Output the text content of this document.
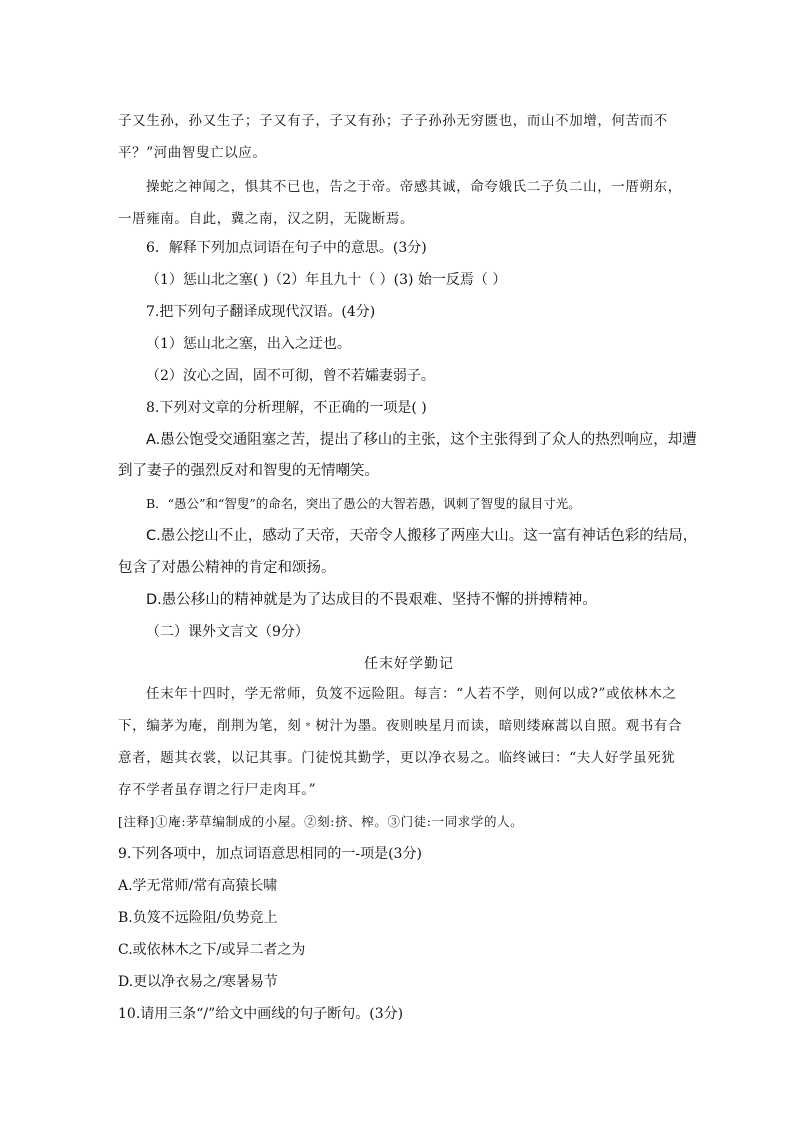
子又生孙，孙又生子；子又有子，子又有孙；子子孙孙无穷匮也，而山不加增，何苦而不
平？”河曲智叟亡以应。
操蛇之神闻之，惧其不已也，告之于帝。帝感其诚，命夸娥氏二子负二山，一厝朔东，
一厝雍南。自此，冀之南，汉之阴，无陇断焉。
6．解释下列加点词语在句子中的意思。(3分)
（1）惩山北之塞( )（2）年且九十（ ）(3) 始一反焉（ ）
7.把下列句子翻译成现代汉语。(4分)
（1）惩山北之塞，出入之迂也。
（2）汝心之固，固不可彻，曾不若孀妻弱子。
8.下列对文章的分析理解，不正确的一项是( )
A.愚公饱受交通阻塞之苦，提出了移山的主张，这个主张得到了众人的热烈响应，却遭
到了妻子的强烈反对和智叟的无情嘲笑。
B．“愚公”和“智叟”的命名，突出了愚公的大智若愚，讽刺了智叟的鼠目寸光。
C.愚公挖山不止，感动了天帝，天帝令人搬移了两座大山。这一富有神话色彩的结局，
包含了对愚公精神的肯定和颂扬。
D.愚公移山的精神就是为了达成目的不畏艰难、坚持不懈的拼搏精神。
（二）课外文言文（9分）
任末好学勤记
任末年十四时，学无常师，负笈不远险阻。每言：“人若不学，则何以成?”或依林木之
下，编茅为庵，削荆为笔，刻﹡树汁为墨。夜则映星月而读，暗则缕麻蒿以自照。观书有合
意者，题其衣裳，以记其事。门徒悦其勤学，更以净衣易之。临终诫曰：“夫人好学虽死犹
存不学者虽存谓之行尸走肉耳。”
[注释]①庵:茅草编制成的小屋。②刻:挤、榨。③门徒:一同求学的人。
9.下列各项中，加点词语意思相同的一-项是(3分)
A.学无常师/常有高猿长啸
B.负笈不远险阻/负势竞上
C.或依林木之下/或异二者之为
D.更以净衣易之/寒暑易节
10.请用三条“/”给文中画线的句子断句。(3分)
